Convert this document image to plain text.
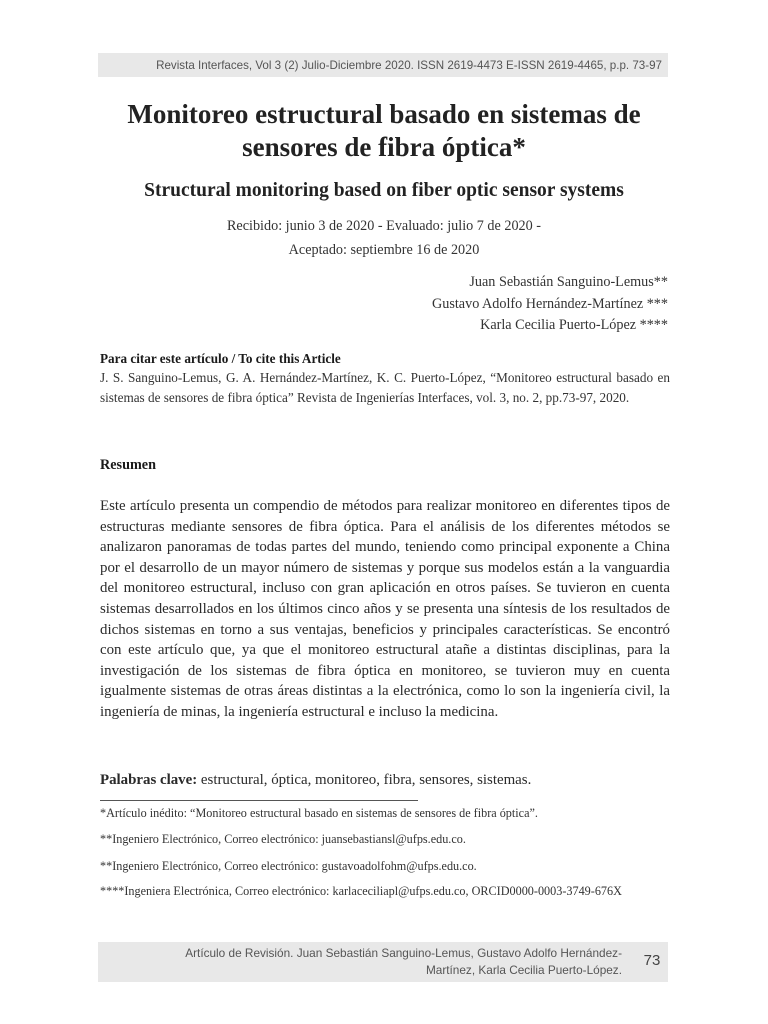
Revista Interfaces, Vol 3 (2) Julio-Diciembre 2020. ISSN 2619-4473 E-ISSN 2619-4465, p.p. 73-97
Monitoreo estructural basado en sistemas de sensores de fibra óptica*
Structural monitoring based on fiber optic sensor systems
Recibido: junio 3 de 2020 - Evaluado: julio 7 de 2020 -
Aceptado: septiembre 16 de 2020
Juan Sebastián Sanguino-Lemus**
Gustavo Adolfo Hernández-Martínez ***
Karla Cecilia Puerto-López ****
Para citar este artículo / To cite this Article
J. S. Sanguino-Lemus, G. A. Hernández-Martínez, K. C. Puerto-López, “Monitoreo estructural basado en sistemas de sensores de fibra óptica” Revista de Ingenierías Interfaces, vol. 3, no. 2, pp.73-97, 2020.
Resumen
Este artículo presenta un compendio de métodos para realizar monitoreo en diferentes tipos de estructuras mediante sensores de fibra óptica. Para el análisis de los diferentes métodos se analizaron panoramas de todas partes del mundo, teniendo como principal exponente a China por el desarrollo de un mayor número de sistemas y porque sus modelos están a la vanguardia del monitoreo estructural, incluso con gran aplicación en otros países. Se tuvieron en cuenta sistemas desarrollados en los últimos cinco años y se presenta una síntesis de los resultados de dichos sistemas en torno a sus ventajas, beneficios y principales características. Se encontró con este artículo que, ya que el monitoreo estructural atañe a distintas disciplinas, para la investigación de los sistemas de fibra óptica en monitoreo, se tuvieron muy en cuenta igualmente sistemas de otras áreas distintas a la electrónica, como lo son la ingeniería civil, la ingeniería de minas, la ingeniería estructural e incluso la medicina.
Palabras clave: estructural, óptica, monitoreo, fibra, sensores, sistemas.
*Artículo inédito: “Monitoreo estructural basado en sistemas de sensores de fibra óptica”.
**Ingeniero Electrónico, Correo electrónico: juansebastiansl@ufps.edu.co.
**Ingeniero Electrónico, Correo electrónico: gustavoadolfohm@ufps.edu.co.
****Ingeniera Electrónica, Correo electrónico: karlaceciliapl@ufps.edu.co, ORCID0000-0003-3749-676X
Artículo de Revisión. Juan Sebastián Sanguino-Lemus, Gustavo Adolfo Hernández-
Martínez, Karla Cecilia Puerto-López.
73
